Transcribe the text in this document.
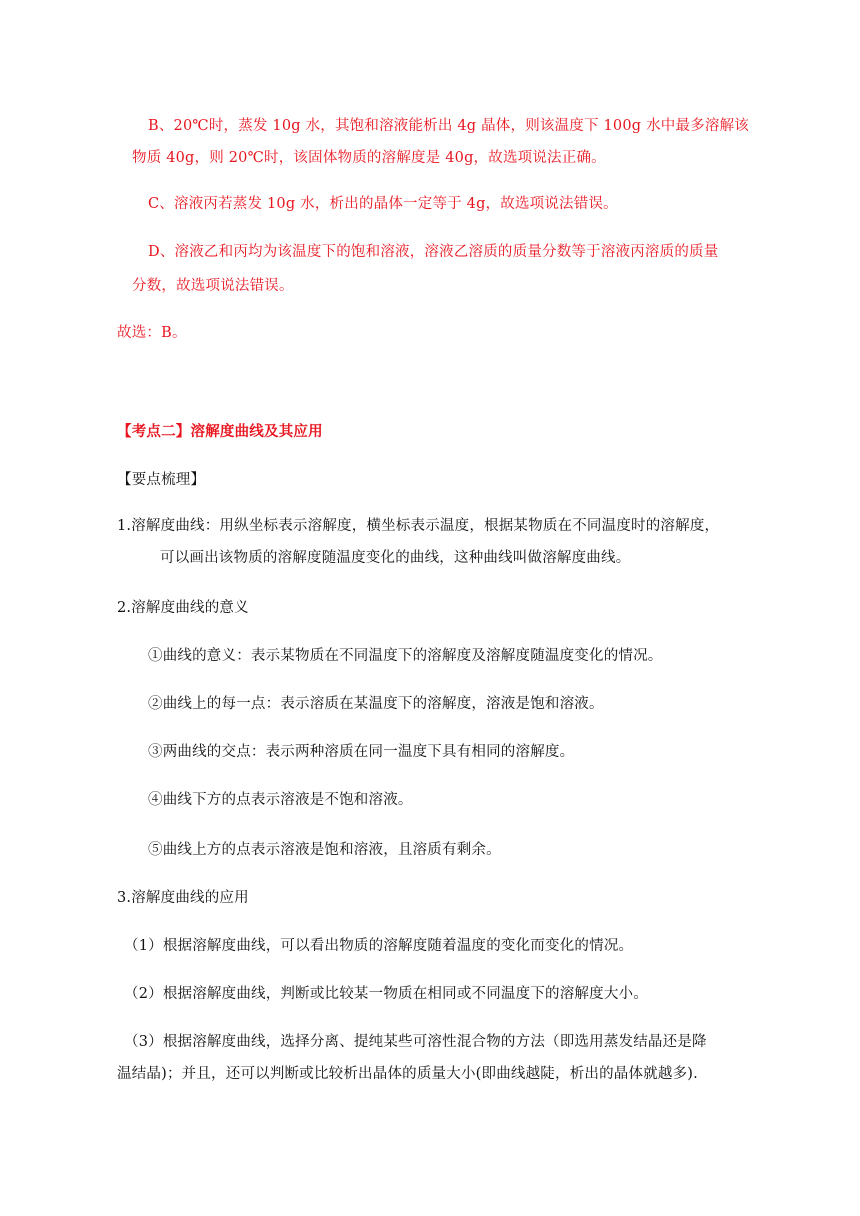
B、20℃时，蒸发 10g 水，其饱和溶液能析出 4g 晶体，则该温度下 100g 水中最多溶解该
物质 40g，则 20℃时，该固体物质的溶解度是 40g，故选项说法正确。
C、溶液丙若蒸发 10g 水，析出的晶体一定等于 4g，故选项说法错误。
D、溶液乙和丙均为该温度下的饱和溶液，溶液乙溶质的质量分数等于溶液丙溶质的质量
分数，故选项说法错误。
故选：B。
【考点二】溶解度曲线及其应用
【要点梳理】
1.溶解度曲线：用纵坐标表示溶解度，横坐标表示温度，根据某物质在不同温度时的溶解度，
可以画出该物质的溶解度随温度变化的曲线，这种曲线叫做溶解度曲线。
2.溶解度曲线的意义
①曲线的意义：表示某物质在不同温度下的溶解度及溶解度随温度变化的情况。
②曲线上的每一点：表示溶质在某温度下的溶解度，溶液是饱和溶液。
③两曲线的交点：表示两种溶质在同一温度下具有相同的溶解度。
④曲线下方的点表示溶液是不饱和溶液。
⑤曲线上方的点表示溶液是饱和溶液，且溶质有剩余。
3.溶解度曲线的应用
（1）根据溶解度曲线，可以看出物质的溶解度随着温度的变化而变化的情况。
（2）根据溶解度曲线，判断或比较某一物质在相同或不同温度下的溶解度大小。
（3）根据溶解度曲线，选择分离、提纯某些可溶性混合物的方法（即选用蒸发结晶还是降
温结晶)；并且，还可以判断或比较析出晶体的质量大小(即曲线越陡，析出的晶体就越多).
